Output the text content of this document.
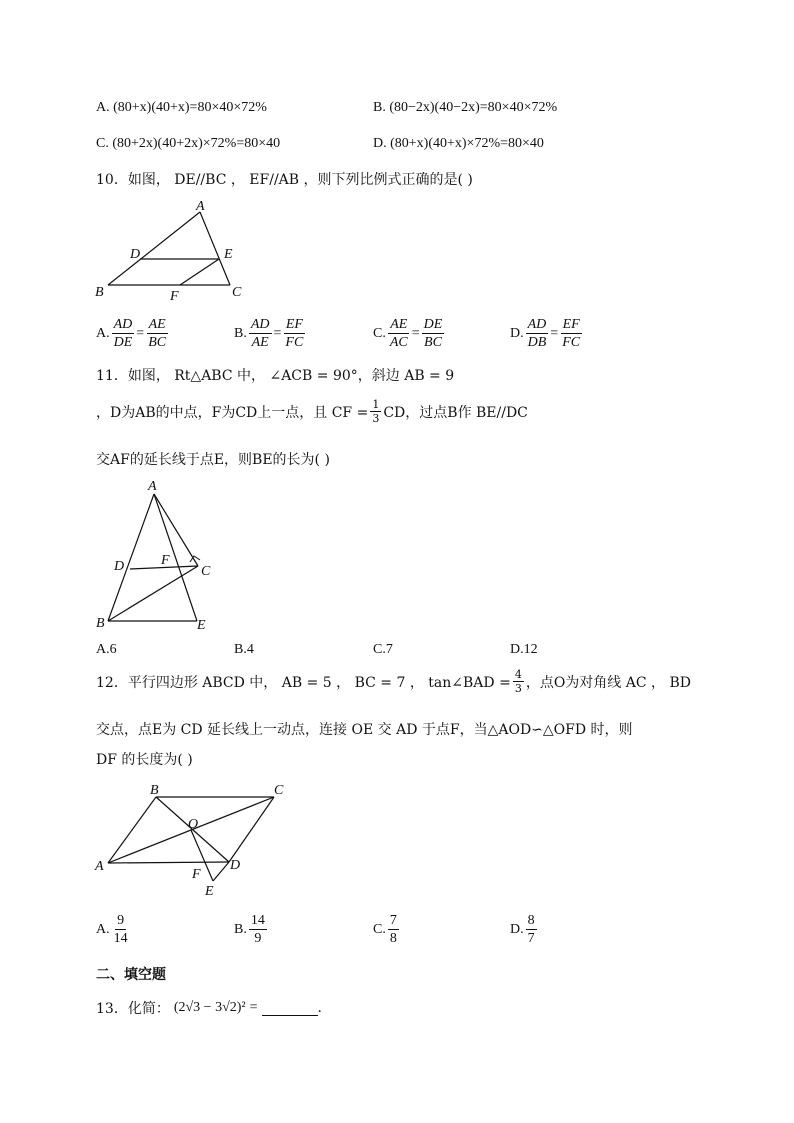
A. (80+x)(40+x)=80×40×72%	B. (80−2x)(40−2x)=80×40×72%
C. (80+2x)(40+2x)×72%=80×40	D. (80+x)(40+x)×72%=80×40
10．如图， DE//BC ， EF//AB ，则下列比例式正确的是( )
A
D	E
B	F	C
A. $\frac{AD}{DE} = \frac{AE}{BC}$	B. $\frac{AD}{AE} = \frac{EF}{FC}$	C. $\frac{AE}{AC} = \frac{DE}{BC}$	D. $\frac{AD}{DB} = \frac{EF}{FC}$
11．如图， Rt△ABC 中， ∠ACB = 90°，斜边 AB = 9
，D为AB的中点，F为CD上一点，且 CF = $\frac{1}{3}$ CD，过点B作 BE//DC
交AF的延长线于点E，则BE的长为( )
A
D	F
C
B	E
A.6	B.4	C.7	D.12
12．平行四边形 ABCD 中， AB = 5 ， BC = 7 ， tan∠BAD = $\frac{4}{3}$ ，点O为对角线 AC ， BD
交点，点E为 CD 延长线上一动点，连接 OE 交 AD 于点F，当△AOD∽△OFD 时，则
DF 的长度为( )
B	C
O
A	D
F
E
A. $\frac{9}{14}$	B. $\frac{14}{9}$	C. $\frac{7}{8}$	D. $\frac{8}{7}$
二、填空题
13．化简： (2√3 − 3√2)² =	.
